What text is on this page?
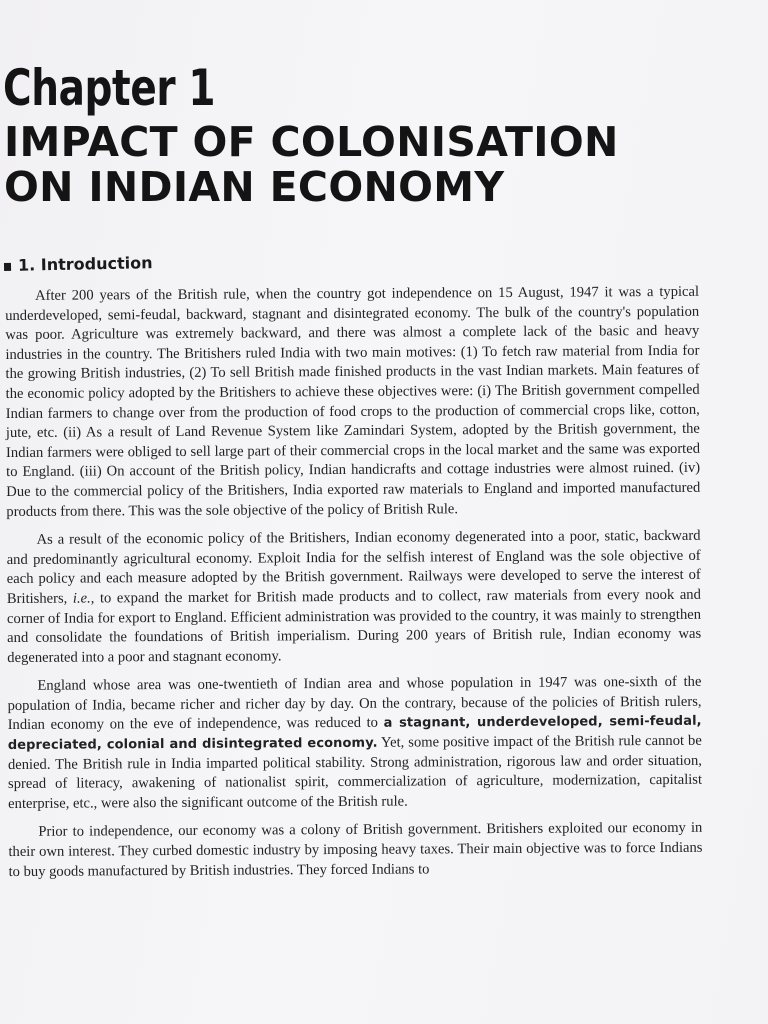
Chapter 1
IMPACT OF COLONISATION
ON INDIAN ECONOMY
1. Introduction

After 200 years of the British rule, when the country got independence on 15 August, 1947 it was a typical underdeveloped, semi-feudal, backward, stagnant and disintegrated economy. The bulk of the country's population was poor. Agriculture was extremely backward, and there was almost a complete lack of the basic and heavy industries in the country. The Britishers ruled India with two main motives: (1) To fetch raw material from India for the growing British industries, (2) To sell British made finished products in the vast Indian markets. Main features of the economic policy adopted by the Britishers to achieve these objectives were: (i) The British government compelled Indian farmers to change over from the production of food crops to the production of commercial crops like, cotton, jute, etc. (ii) As a result of Land Revenue System like Zamindari System, adopted by the British government, the Indian farmers were obliged to sell large part of their commercial crops in the local market and the same was exported to England. (iii) On account of the British policy, Indian handicrafts and cottage industries were almost ruined. (iv) Due to the commercial policy of the Britishers, India exported raw materials to England and imported manufactured products from there. This was the sole objective of the policy of British Rule.

As a result of the economic policy of the Britishers, Indian economy degenerated into a poor, static, backward and predominantly agricultural economy. Exploit India for the selfish interest of England was the sole objective of each policy and each measure adopted by the British government. Railways were developed to serve the interest of Britishers, i.e., to expand the market for British made products and to collect, raw materials from every nook and corner of India for export to England. Efficient administration was provided to the country, it was mainly to strengthen and consolidate the foundations of British imperialism. During 200 years of British rule, Indian economy was degenerated into a poor and stagnant economy.

England whose area was one-twentieth of Indian area and whose population in 1947 was one-sixth of the population of India, became richer and richer day by day. On the contrary, because of the policies of British rulers, Indian economy on the eve of independence, was reduced to a stagnant, underdeveloped, semi-feudal, depreciated, colonial and disintegrated economy. Yet, some positive impact of the British rule cannot be denied. The British rule in India imparted political stability. Strong administration, rigorous law and order situation, spread of literacy, awakening of nationalist spirit, commercialization of agriculture, modernization, capitalist enterprise, etc., were also the significant outcome of the British rule.

Prior to independence, our economy was a colony of British government. Britishers exploited our economy in their own interest. They curbed domestic industry by imposing heavy taxes. Their main objective was to force Indians to buy goods manufactured by British industries. They forced Indians to
